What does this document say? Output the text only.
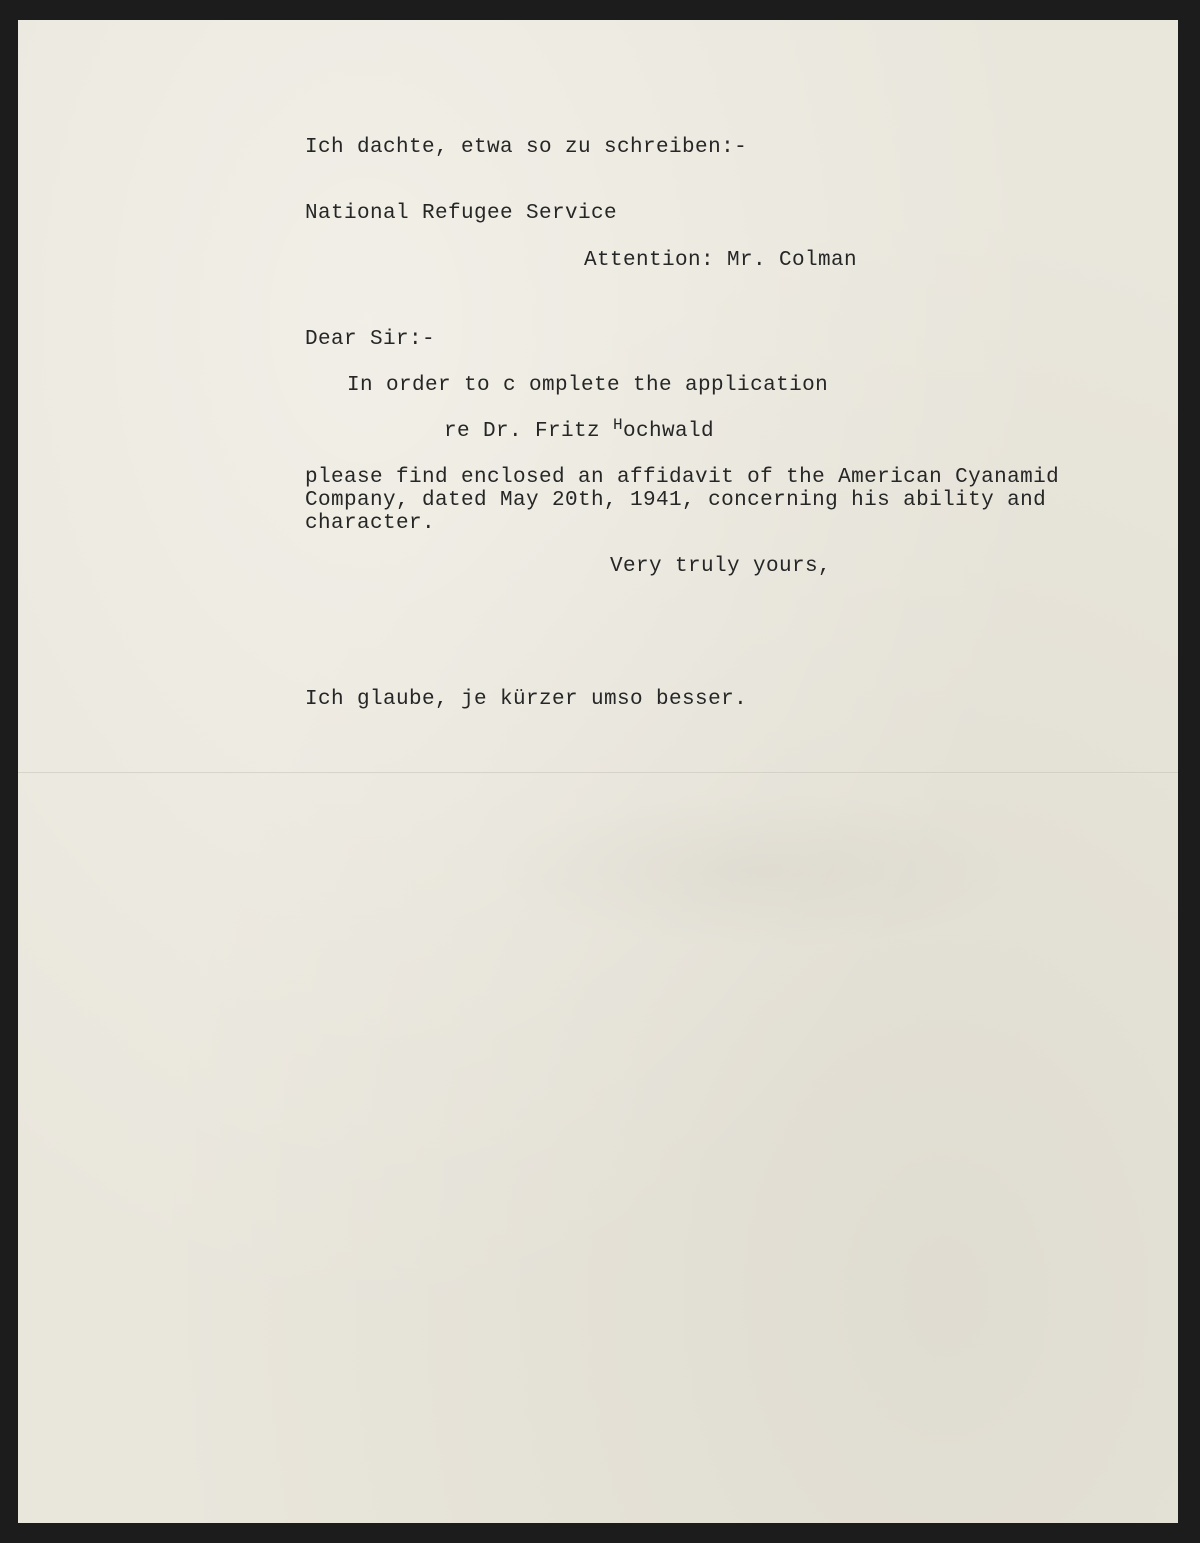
Ich dachte, etwa so zu schreiben:-

National Refugee Service

Attention: Mr. Colman

Dear Sir:-

In order to c omplete the application

re Dr. Fritz $^H$ochwald

please find enclosed an affidavit of the American Cyanamid

Company, dated May 20th, 1941, concerning his ability and

character.

Very truly yours,

Ich glaube, je kürzer umso besser.
